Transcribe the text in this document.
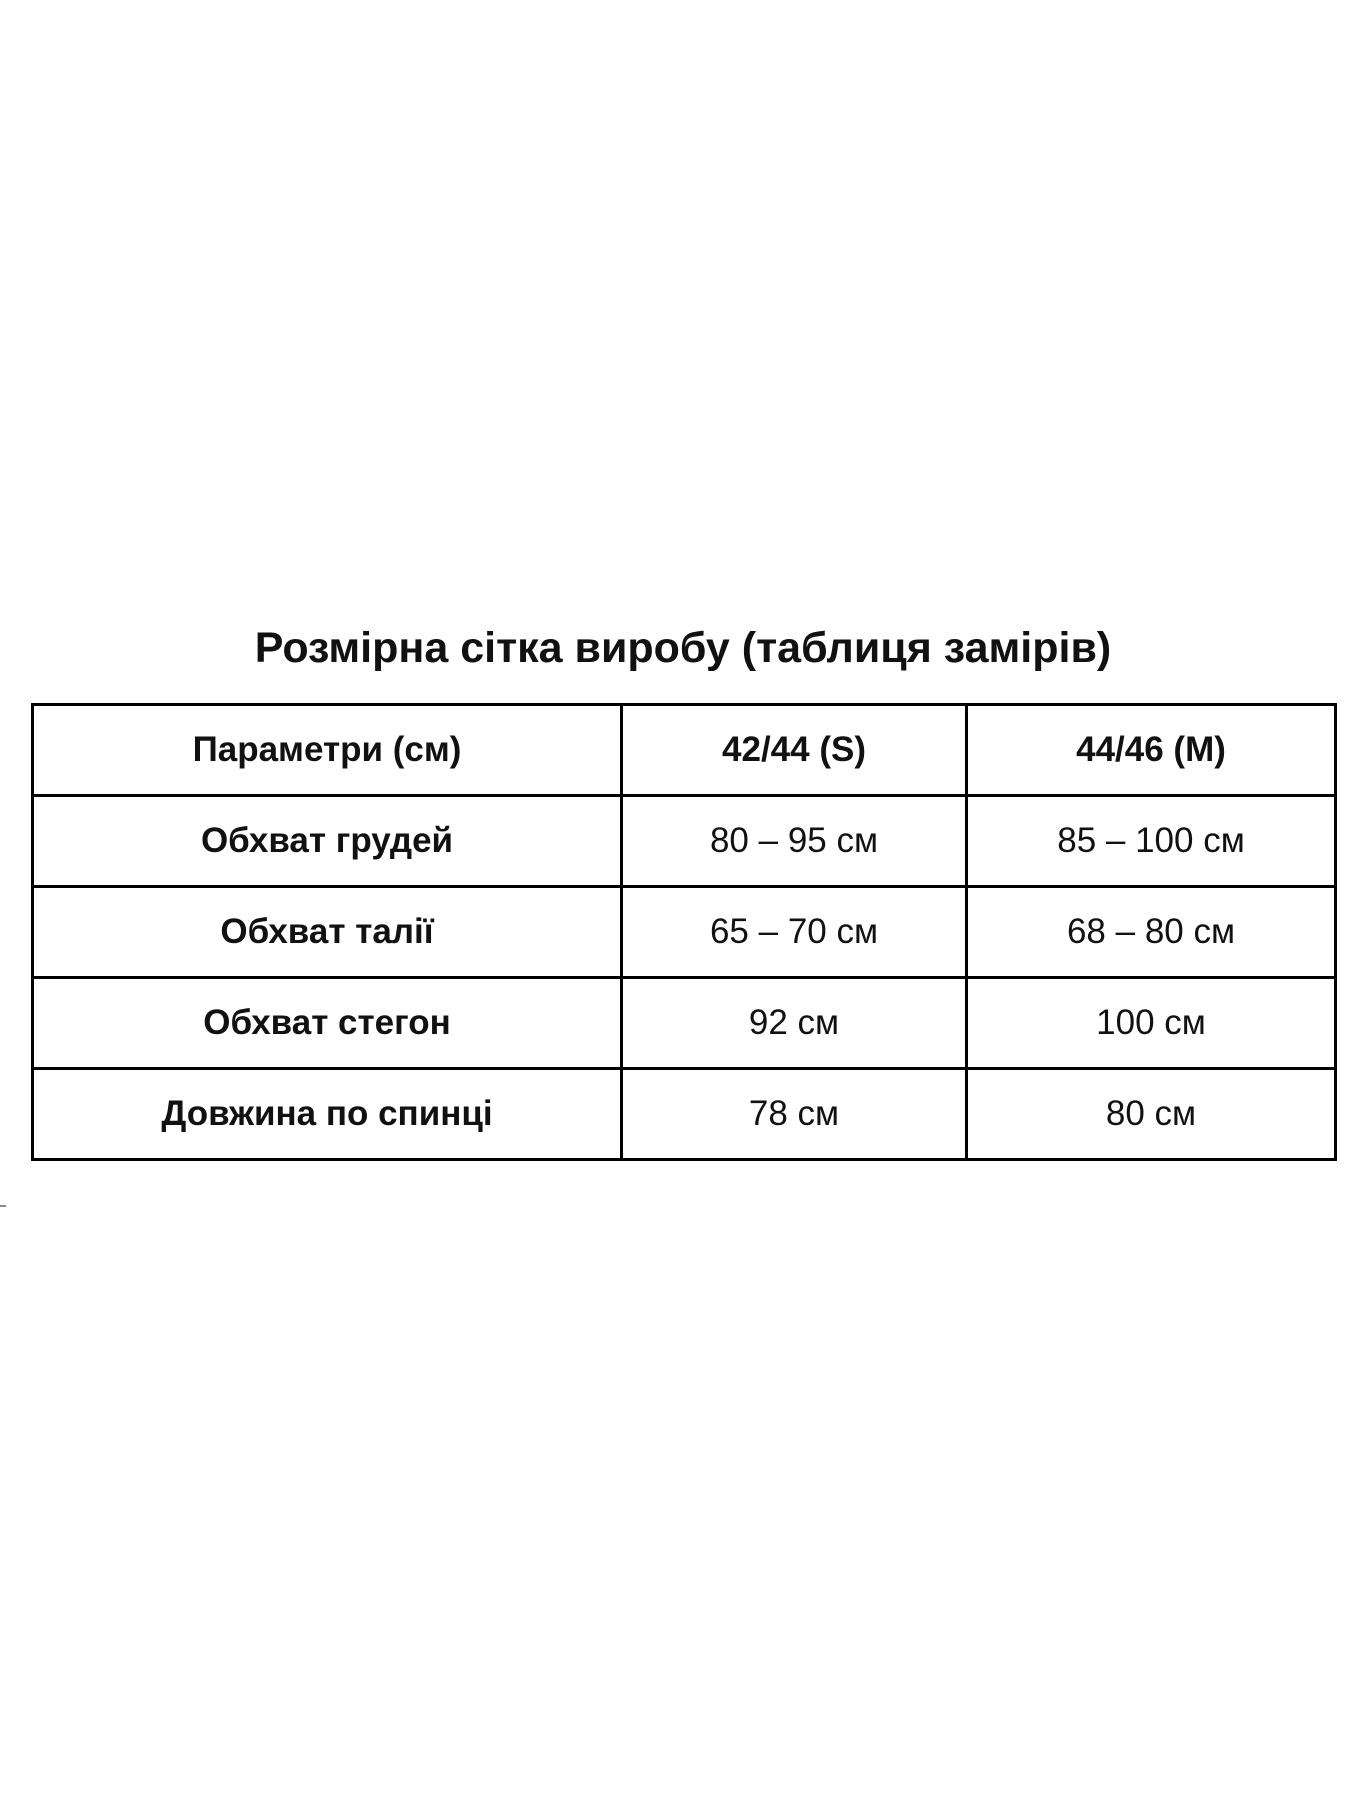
Розмірна сітка виробу (таблиця замірів)
Параметри (см)	42/44 (S)	44/46 (M)
Обхват грудей	80 – 95 см	85 – 100 см
Обхват талії	65 – 70 см	68 – 80 см
Обхват стегон	92 см	100 см
Довжина по спинці	78 см	80 см
